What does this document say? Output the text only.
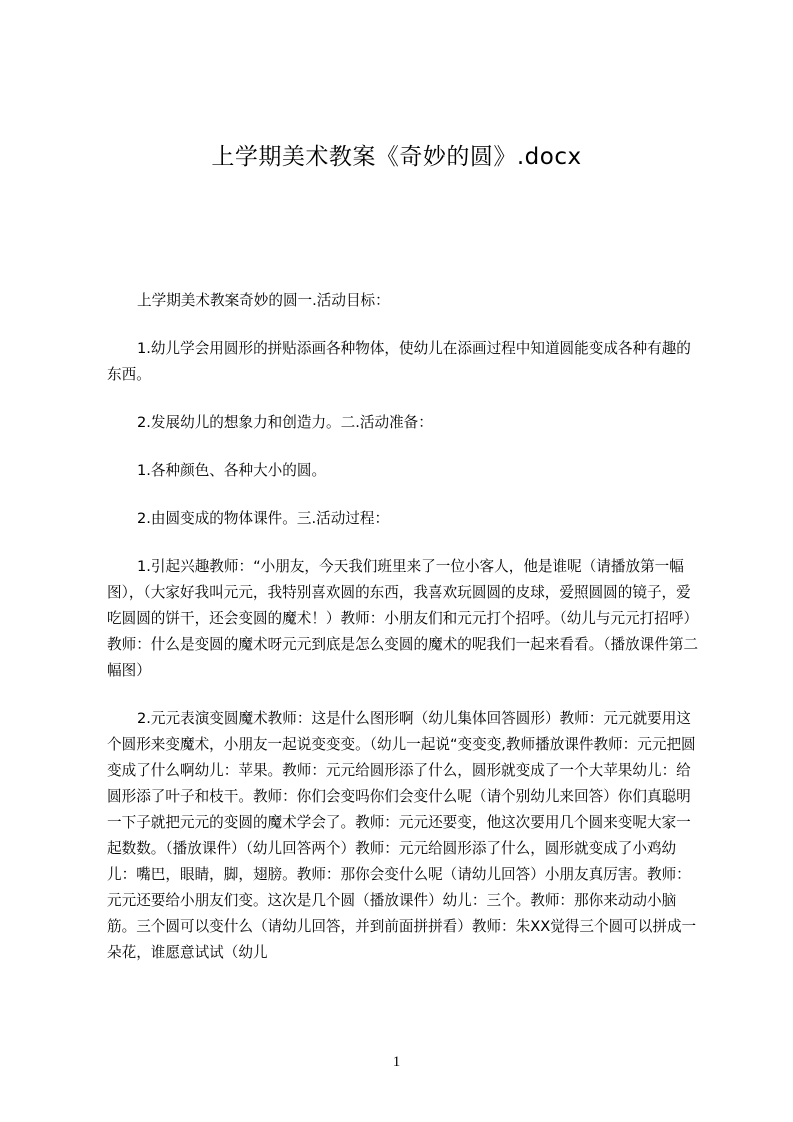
上学期美术教案《奇妙的圆》.docx

上学期美术教案奇妙的圆一.活动目标：

1.幼儿学会用圆形的拼贴添画各种物体，使幼儿在添画过程中知道圆能变成各种有趣的东西。

2.发展幼儿的想象力和创造力。二.活动准备：

1.各种颜色、各种大小的圆。

2.由圆变成的物体课件。三.活动过程：

1.引起兴趣教师：“小朋友，今天我们班里来了一位小客人，他是谁呢（请播放第一幅图），（大家好我叫元元，我特别喜欢圆的东西，我喜欢玩圆圆的皮球，爱照圆圆的镜子，爱吃圆圆的饼干，还会变圆的魔术！）教师：小朋友们和元元打个招呼。（幼儿与元元打招呼）教师：什么是变圆的魔术呀元元到底是怎么变圆的魔术的呢我们一起来看看。（播放课件第二幅图）

2.元元表演变圆魔术教师：这是什么图形啊（幼儿集体回答圆形）教师：元元就要用这个圆形来变魔术，小朋友一起说变变变。（幼儿一起说“变变变,教师播放课件教师：元元把圆变成了什么啊幼儿：苹果。教师：元元给圆形添了什么，圆形就变成了一个大苹果幼儿：给圆形添了叶子和枝干。教师：你们会变吗你们会变什么呢（请个别幼儿来回答）你们真聪明一下子就把元元的变圆的魔术学会了。教师：元元还要变，他这次要用几个圆来变呢大家一起数数。（播放课件）（幼儿回答两个）教师：元元给圆形添了什么，圆形就变成了小鸡幼儿：嘴巴，眼睛，脚，翅膀。教师：那你会变什么呢（请幼儿回答）小朋友真厉害。教师：元元还要给小朋友们变。这次是几个圆（播放课件）幼儿：三个。教师：那你来动动小脑筋。三个圆可以变什么（请幼儿回答，并到前面拼拼看）教师：朱XX觉得三个圆可以拼成一朵花，谁愿意试试（幼儿

1
